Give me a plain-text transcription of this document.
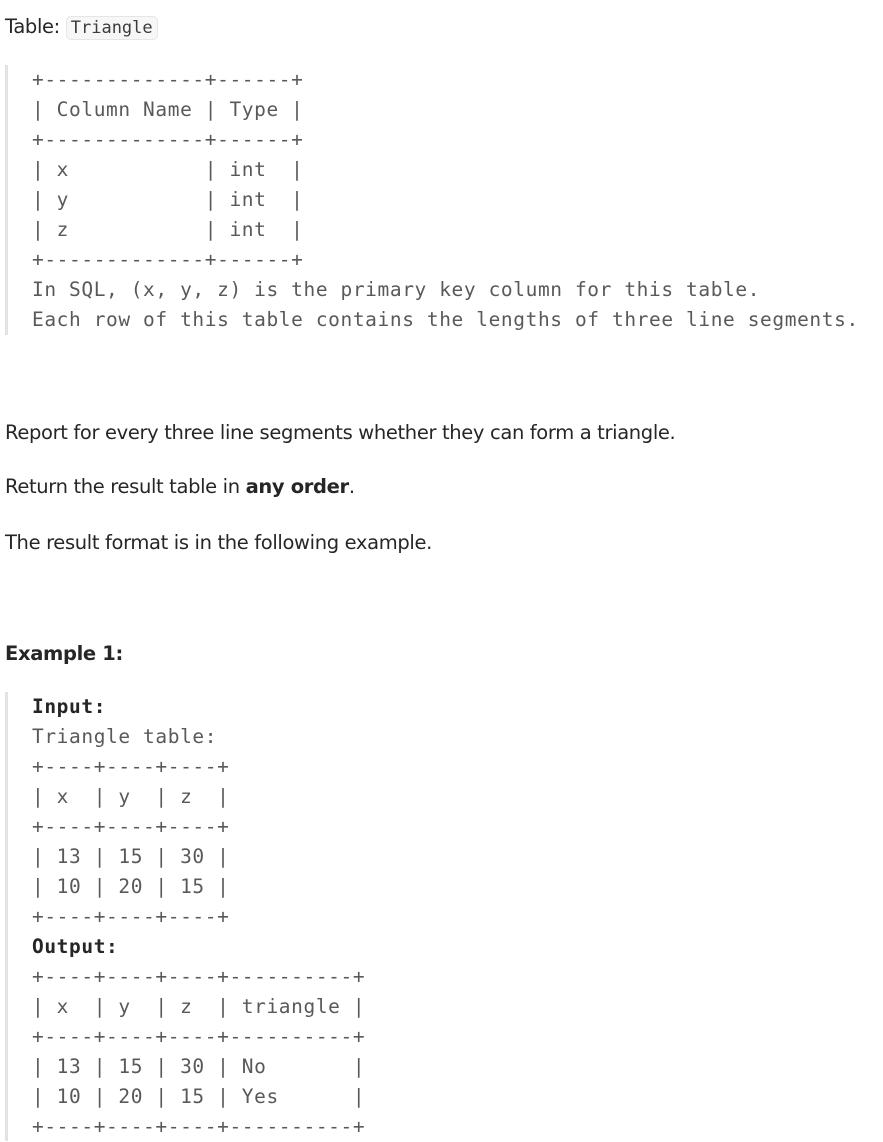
Table: Triangle
+-------------+------+
| Column Name | Type |
+-------------+------+
| x           | int  |
| y           | int  |
| z           | int  |
+-------------+------+
In SQL, (x, y, z) is the primary key column for this table.
Each row of this table contains the lengths of three line segments.
Report for every three line segments whether they can form a triangle.
Return the result table in any order.
The result format is in the following example.
Example 1:
Input:
Triangle table:
+----+----+----+
| x  | y  | z  |
+----+----+----+
| 13 | 15 | 30 |
| 10 | 20 | 15 |
+----+----+----+
Output:
+----+----+----+----------+
| x  | y  | z  | triangle |
+----+----+----+----------+
| 13 | 15 | 30 | No       |
| 10 | 20 | 15 | Yes      |
+----+----+----+----------+
